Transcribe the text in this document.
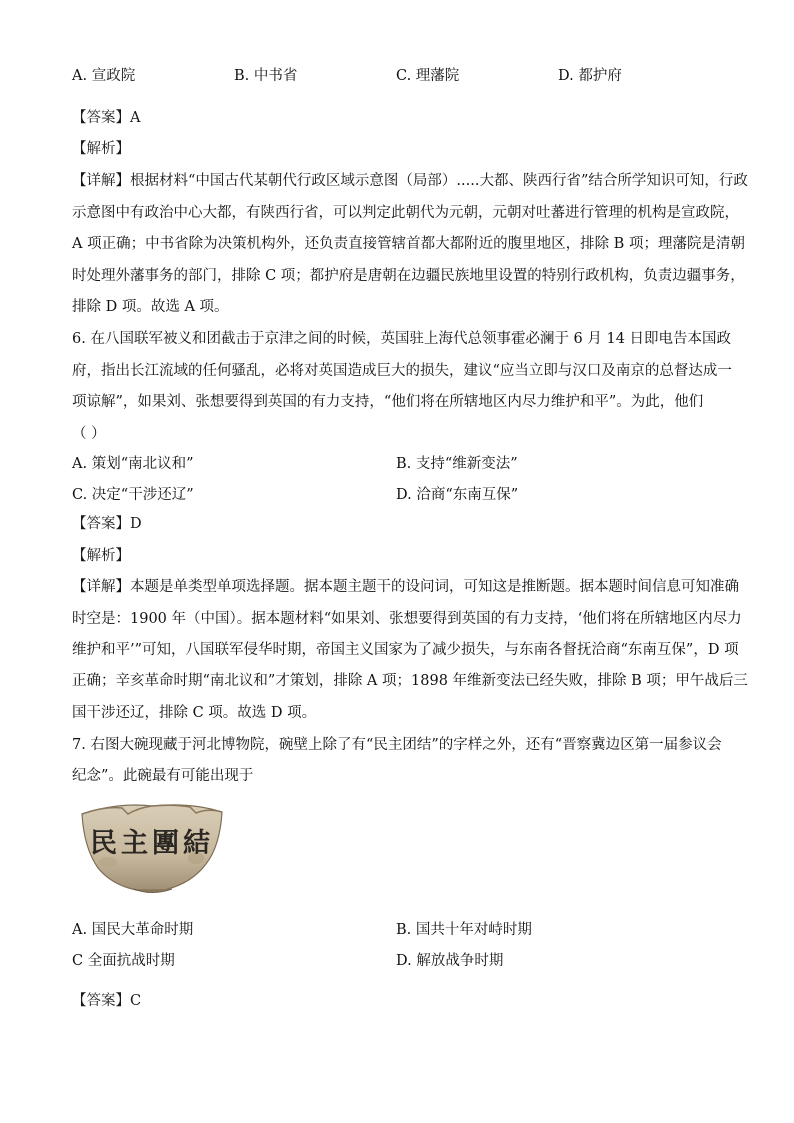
A. 宣政院	B. 中书省	C. 理藩院	D. 都护府
【答案】A
【解析】
【详解】根据材料“中国古代某朝代行政区域示意图（局部）.....大都、陕西行省”结合所学知识可知，行政
示意图中有政治中心大都，有陕西行省，可以判定此朝代为元朝，元朝对吐蕃进行管理的机构是宣政院，
A 项正确；中书省除为决策机构外，还负责直接管辖首都大都附近的腹里地区，排除 B 项；理藩院是清朝
时处理外藩事务的部门，排除 C 项；都护府是唐朝在边疆民族地里设置的特别行政机构，负责边疆事务，
排除 D 项。故选 A 项。
6. 在八国联军被义和团截击于京津之间的时候，英国驻上海代总领事霍必澜于 6 月 14 日即电告本国政
府，指出长江流域的任何骚乱，必将对英国造成巨大的损失，建议“应当立即与汉口及南京的总督达成一
项谅解”，如果刘、张想要得到英国的有力支持，“他们将在所辖地区内尽力维护和平”。为此，他们
（ ）
A. 策划“南北议和”	B. 支持“维新变法”
C. 决定“干涉还辽”	D. 洽商“东南互保”
【答案】D
【解析】
【详解】本题是单类型单项选择题。据本题主题干的设问词，可知这是推断题。据本题时间信息可知准确
时空是：1900 年（中国）。据本题材料“如果刘、张想要得到英国的有力支持，‘他们将在所辖地区内尽力
维护和平’”可知，八国联军侵华时期，帝国主义国家为了减少损失，与东南各督抚洽商“东南互保”，D 项
正确；辛亥革命时期“南北议和”才策划，排除 A 项；1898 年维新变法已经失败，排除 B 项；甲午战后三
国干涉还辽，排除 C 项。故选 D 项。
7. 右图大碗现藏于河北博物院，碗壁上除了有“民主团结”的字样之外，还有“晋察冀边区第一届参议会
纪念”。此碗最有可能出现于
民主團結
A. 国民大革命时期	B. 国共十年对峙时期
C 全面抗战时期	D. 解放战争时期
【答案】C
